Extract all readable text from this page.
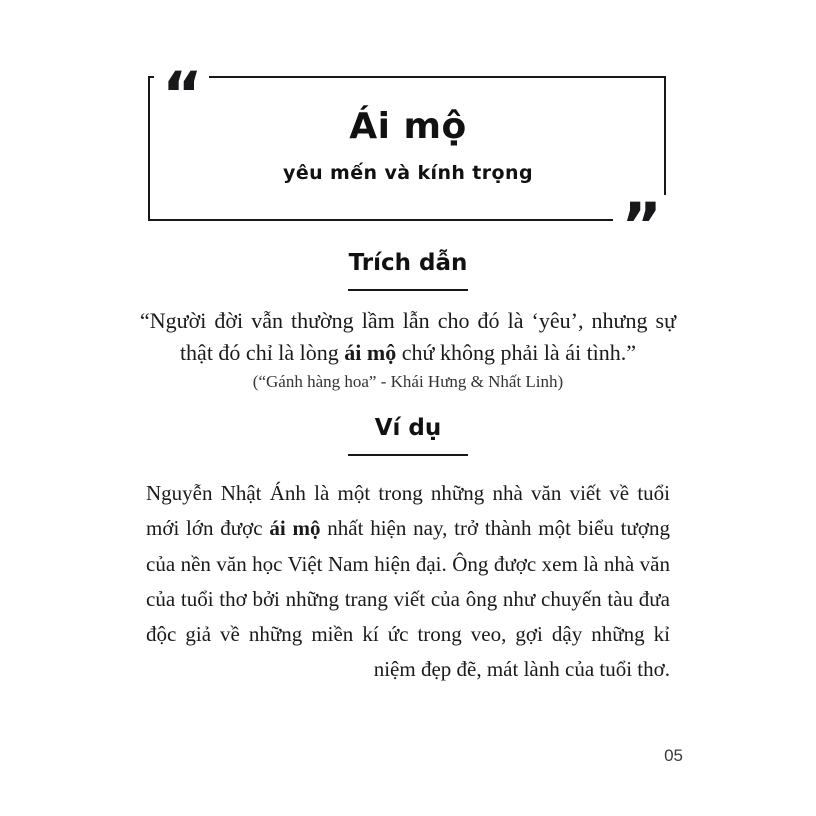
“
”
Ái mộ
yêu mến và kính trọng
Trích dẫn
“Người đời vẫn thường lầm lẫn cho đó là ‘yêu’, nhưng sự thật đó chỉ là lòng ái mộ chứ không phải là ái tình.”
(“Gánh hàng hoa” - Khái Hưng & Nhất Linh)
Ví dụ
Nguyễn Nhật Ánh là một trong những nhà văn viết về tuổi mới lớn được ái mộ nhất hiện nay, trở thành một biểu tượng của nền văn học Việt Nam hiện đại. Ông được xem là nhà văn của tuổi thơ bởi những trang viết của ông như chuyến tàu đưa độc giả về những miền kí ức trong veo, gợi dậy những kỉ niệm đẹp đẽ, mát lành của tuổi thơ.
05
